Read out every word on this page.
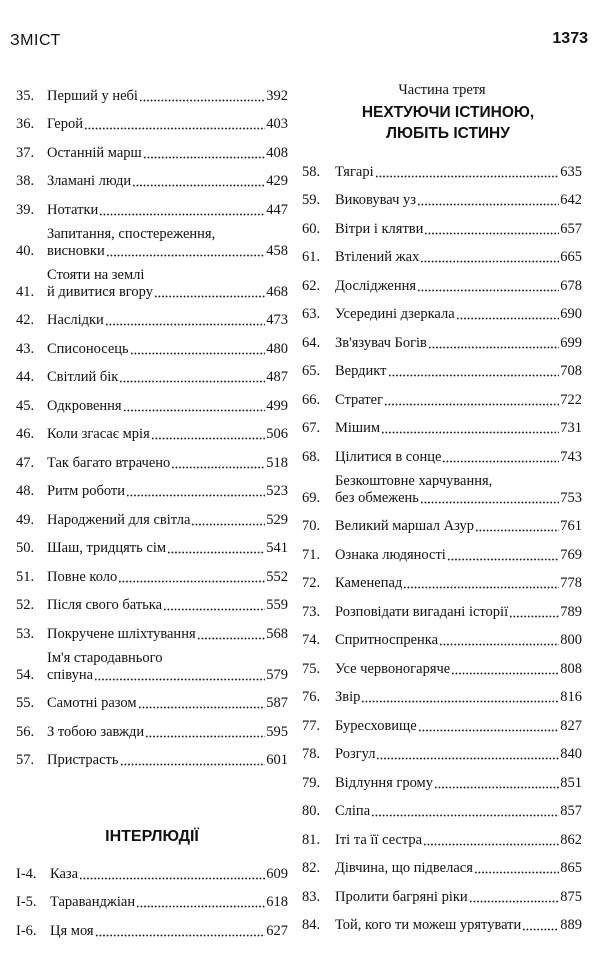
ЗМІСТ	1373
35. Перший у небі	392
36. Герой	403
37. Останній марш	408
38. Зламані люди	429
39. Нотатки	447
40.
Запитання, спостереження,
висновки	458
41.
Стояти на землі
й дивитися вгору	468
42. Наслідки	473
43. Списоносець	480
44. Світлий бік	487
45. Одкровення	499
46. Коли згасає мрія	506
47. Так багато втрачено	518
48. Ритм роботи	523
49. Народжений для світла	529
50. Шаш, тридцять сім	541
51. Повне коло	552
52. Після свого батька	559
53. Покручене шліхтування	568
54.
Ім'я стародавнього
співуна	579
55. Самотні разом	587
56. З тобою завжди	595
57. Пристрасть	601
ІНТЕРЛЮДІЇ
І-4. Каза	609
І-5. Тараванджіан	618
І-6. Ця моя	627
Частина третя
НЕХТУЮЧИ ІСТИНОЮ,
ЛЮБІТЬ ІСТИНУ
58.	Тягарі	635
59.	Виковувач уз	642
60.	Вітри і клятви	657
61.	Втілений жах	665
62.	Дослідження	678
63.	Усередині дзеркала	690
64.	Зв'язувач Богів	699
65.	Вердикт	708
66.	Стратег	722
67.	Мішим	731
68.	Цілитися в сонце	743
69.
Безкоштовне харчування,
без обмежень	753
70.	Великий маршал Азур	761
71.	Ознака людяності	769
72.	Каменепад	778
73.	Розповідати вигадані історії	789
74.	Спритноспренка	800
75.	Усе червоногаряче	808
76.	Звір	816
77.	Буресховище	827
78.	Розгул	840
79.	Відлуння грому	851
80.	Сліпа	857
81.	Іті та її сестра	862
82.	Дівчина, що підвелася	865
83.	Пролити багряні ріки	875
84.	Той, кого ти можеш урятувати	889
